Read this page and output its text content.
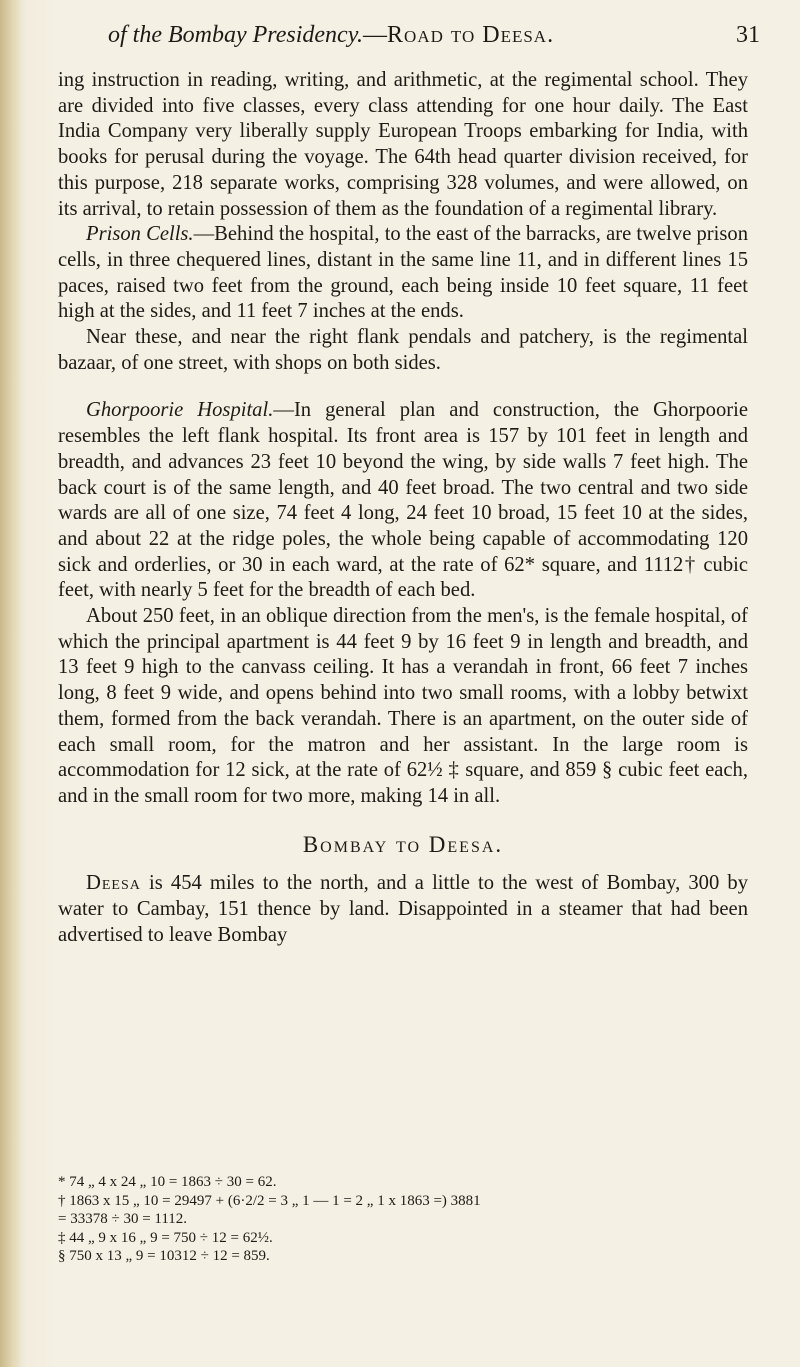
of the Bombay Presidency.—Road to Deesa.	31

ing instruction in reading, writing, and arithmetic, at the regimental school. They are divided into five classes, every class attending for one hour daily. The East India Company very liberally supply European Troops embarking for India, with books for perusal during the voyage. The 64th head quarter division received, for this purpose, 218 separate works, comprising 328 volumes, and were allowed, on its arrival, to retain possession of them as the foundation of a regimental library.

Prison Cells.—Behind the hospital, to the east of the barracks, are twelve prison cells, in three chequered lines, distant in the same line 11, and in different lines 15 paces, raised two feet from the ground, each being inside 10 feet square, 11 feet high at the sides, and 11 feet 7 inches at the ends.

Near these, and near the right flank pendals and patchery, is the regimental bazaar, of one street, with shops on both sides.

Ghorpoorie Hospital.—In general plan and construction, the Ghorpoorie resembles the left flank hospital. Its front area is 157 by 101 feet in length and breadth, and advances 23 feet 10 beyond the wing, by side walls 7 feet high. The back court is of the same length, and 40 feet broad. The two central and two side wards are all of one size, 74 feet 4 long, 24 feet 10 broad, 15 feet 10 at the sides, and about 22 at the ridge poles, the whole being capable of accommodating 120 sick and orderlies, or 30 in each ward, at the rate of 62* square, and 1112† cubic feet, with nearly 5 feet for the breadth of each bed.

About 250 feet, in an oblique direction from the men's, is the female hospital, of which the principal apartment is 44 feet 9 by 16 feet 9 in length and breadth, and 13 feet 9 high to the canvass ceiling. It has a verandah in front, 66 feet 7 inches long, 8 feet 9 wide, and opens behind into two small rooms, with a lobby betwixt them, formed from the back verandah. There is an apartment, on the outer side of each small room, for the matron and her assistant. In the large room is accommodation for 12 sick, at the rate of 62½ ‡ square, and 859 § cubic feet each, and in the small room for two more, making 14 in all.

Bombay to Deesa.

Deesa is 454 miles to the north, and a little to the west of Bombay, 300 by water to Cambay, 151 thence by land. Disappointed in a steamer that had been advertised to leave Bombay

* 74 „ 4 x 24 „ 10 = 1863 ÷ 30 = 62.

† 1863 x 15 „ 10 = 29497 + (6·2/2 = 3 „ 1 — 1 = 2 „ 1 x 1863 =) 3881

= 33378 ÷ 30 = 1112.

‡ 44 „ 9 x 16 „ 9 = 750 ÷ 12 = 62½.

§ 750 x 13 „ 9 = 10312 ÷ 12 = 859.
